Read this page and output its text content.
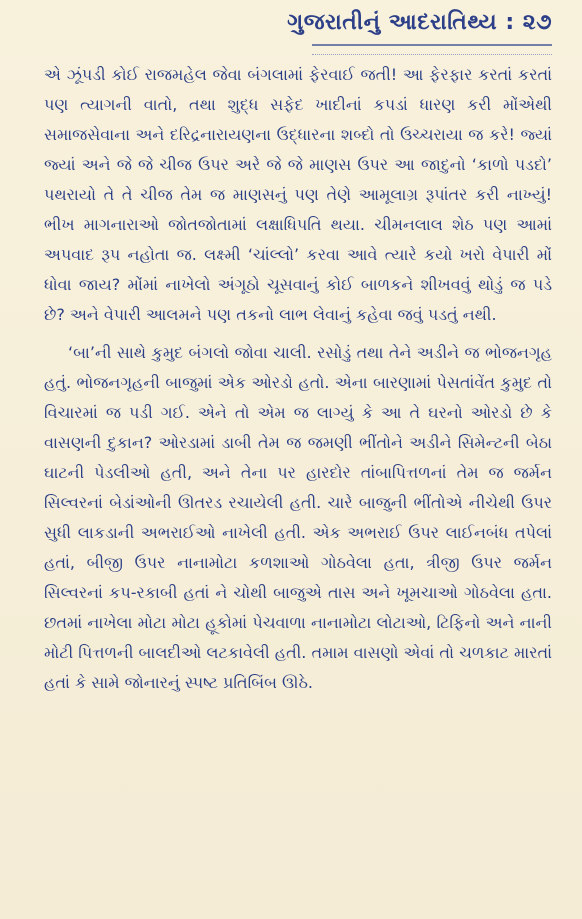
ગુજરાતીનું આદરાતિથ્ય : ૨૭

એ ઝૂંપડી કોઈ રાજમહેલ જેવા બંગલામાં ફેરવાઈ જતી! આ ફેરફાર કરતાં કરતાં પણ ત્યાગની વાતો, તથા શુદ્ધ સફેદ ખાદીનાં કપડાં ધારણ કરી મોંએથી સમાજસેવાના અને દરિદ્રનારાયણના ઉદ્ધારના શબ્દો તો ઉચ્ચરાયા જ કરે! જ્યાં જ્યાં અને જે જે ચીજ ઉપર અરે જે જે માણસ ઉપર આ જાદુનો ‘કાળો પડદો’ પથરાયો તે તે ચીજ તેમ જ માણસનું પણ તેણે આમૂલાગ્ર રૂપાંતર કરી નાખ્યું! ભીખ માગનારાઓ જોતજોતામાં લક્ષાધિપતિ થયા. ચીમનલાલ શેઠ પણ આમાં અપવાદ રૂપ નહોતા જ. લક્ષ્મી ‘ચાંલ્લો’ કરવા આવે ત્યારે કયો ખરો વેપારી મોં ધોવા જાય? મોંમાં નાખેલો અંગૂઠો ચૂસવાનું કોઈ બાળકને શીખવવું થોડું જ પડે છે? અને વેપારી આલમને પણ તકનો લાભ લેવાનું કહેવા જવું પડતું નથી.

‘બા’ની સાથે કુમુદ બંગલો જોવા ચાલી. રસોડું તથા તેને અડીને જ ભોજનગૃહ હતું. ભોજનગૃહની બાજુમાં એક ઓરડો હતો. એના બારણામાં પેસતાંવેંત કુમુદ તો વિચારમાં જ પડી ગઈ. એને તો એમ જ લાગ્યું કે આ તે ઘરનો ઓરડો છે કે વાસણની દુકાન? ઓરડામાં ડાબી તેમ જ જમણી ભીંતોને અડીને સિમેન્ટની બેઠા ઘાટની પેડલીઓ હતી, અને તેના પર હારદોર તાંબાપિત્તળનાં તેમ જ જર્મન સિલ્વરનાં બેડાંઓની ઊતરડ રચાયેલી હતી. ચારે બાજુની ભીંતોએ નીચેથી ઉપર સુધી લાકડાની અભરાઈઓ નાખેલી હતી. એક અભરાઈ ઉપર લાઈનબંધ તપેલાં હતાં, બીજી ઉપર નાનામોટા કળશાઓ ગોઠવેલા હતા, ત્રીજી ઉપર જર્મન સિલ્વરનાં કપ-રકાબી હતાં ને ચોથી બાજુએ તાસ અને ખૂમચાઓ ગોઠવેલા હતા. છતમાં નાખેલા મોટા મોટા હૂકોમાં પેચવાળા નાનામોટા લોટાઓ, ટિફિનો અને નાની મોટી પિત્તળની બાલદીઓ લટકાવેલી હતી. તમામ વાસણો એવાં તો ચળકાટ મારતાં હતાં કે સામે જોનારનું સ્પષ્ટ પ્રતિબિંબ ઊઠે.
